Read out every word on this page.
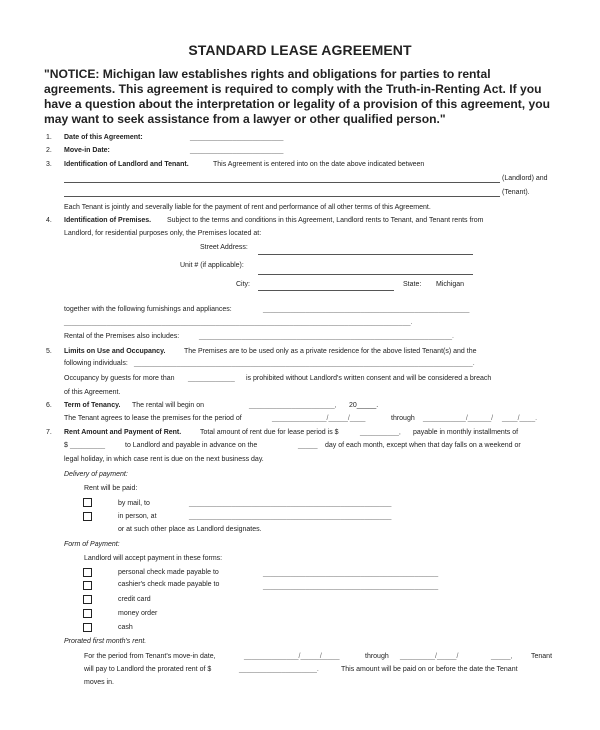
STANDARD LEASE AGREEMENT
"NOTICE: Michigan law establishes rights and obligations for parties to rental
agreements. This agreement is required to comply with the Truth-in-Renting Act. If you
have a question about the interpretation or legality of a provision of this agreement, you
may want to seek assistance from a lawyer or other qualified person."
1. Date of this Agreement:	________________________
2. Move-in Date:	________________________
3. Identification of Landlord and Tenant.	This Agreement is entered into on the date above indicated between
(Landlord) and
(Tenant).
Each Tenant is jointly and severally liable for the payment of rent and performance of all other terms of this Agreement.
4. Identification of Premises. Subject to the terms and conditions in this Agreement, Landlord rents to Tenant, and Tenant rents from
Landlord, for residential purposes only, the Premises located at:
Street Address:
Unit # (if applicable):
City:	State: Michigan
together with the following furnishings and appliances:	_____________________________________________________
_________________________________________________________________________________________.
Rental of the Premises also includes:	_________________________________________________________________.
5. Limits on Use and Occupancy.	The Premises are to be used only as a private residence for the above listed Tenant(s) and the
following individuals: _______________________________________________________________________________________.
Occupancy by guests for more than ____________ is prohibited without Landlord's written consent and will be considered a breach
of this Agreement.
6. Term of Tenancy. The rental will begin on	______________________, 20_____.
The Tenant agrees to lease the premises for the period of	______________/_____/____	through ___________/______/ ____/____.
7. Rent Amount and Payment of Rent.	Total amount of rent due for lease period is $	__________, payable in monthly installments of
$ _________	to Landlord and payable in advance on the	_____ day of each month, except when that day falls on a weekend or
legal holiday, in which case rent is due on the next business day.
Delivery of payment:
Rent will be paid:
by mail, to	____________________________________________________
in person, at	____________________________________________________
or at such other place as Landlord designates.
Form of Payment:
Landlord will accept payment in these forms:
personal check made payable to	_____________________________________________
cashier's check made payable to	_____________________________________________
credit card
money order
cash
Prorated first month's rent.
For the period from Tenant's move-in date,	______________/_____/
_____	through _________/_____/	_____,	Tenant
will pay to Landlord the prorated rent of $	____________________.	This amount will be paid on or before the date the Tenant
moves in.
